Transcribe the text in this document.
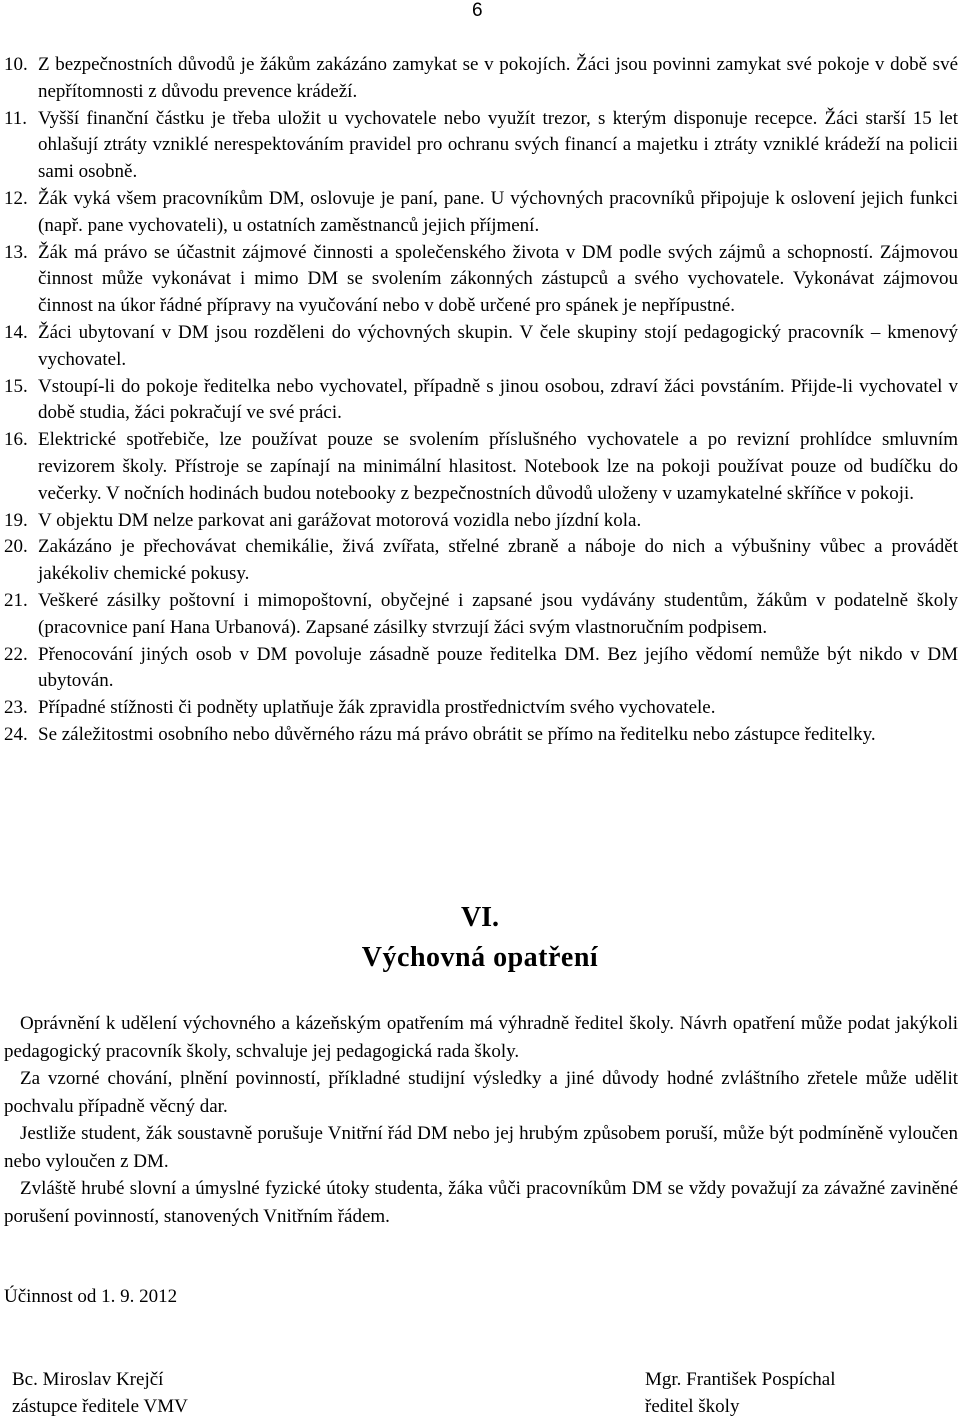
6
10. Z bezpečnostních důvodů je žákům zakázáno zamykat se v pokojích. Žáci jsou povinni zamykat své pokoje v době své nepřítomnosti z důvodu prevence krádeží.
11. Vyšší finanční částku je třeba uložit u vychovatele nebo využít trezor, s kterým disponuje recepce. Žáci starší 15 let ohlašují ztráty vzniklé nerespektováním pravidel pro ochranu svých financí a majetku i ztráty vzniklé krádeží na policii sami osobně.
12. Žák vyká všem pracovníkům DM, oslovuje je paní, pane. U výchovných pracovníků připojuje k oslovení jejich funkci (např. pane vychovateli), u ostatních zaměstnanců jejich příjmení.
13. Žák má právo se účastnit zájmové činnosti a společenského života v DM podle svých zájmů a schopností. Zájmovou činnost může vykonávat i mimo DM se svolením zákonných zástupců a svého vychovatele. Vykonávat zájmovou činnost na úkor řádné přípravy na vyučování nebo v době určené pro spánek je nepřípustné.
14. Žáci ubytovaní v DM jsou rozděleni do výchovných skupin. V čele skupiny stojí pedagogický pracovník – kmenový vychovatel.
15. Vstoupí-li do pokoje ředitelka nebo vychovatel, případně s jinou osobou, zdraví žáci povstáním. Přijde-li vychovatel v době studia, žáci pokračují ve své práci.
16. Elektrické spotřebiče, lze používat pouze se svolením příslušného vychovatele a po revizní prohlídce smluvním revizorem školy. Přístroje se zapínají na minimální hlasitost. Notebook lze na pokoji používat pouze od budíčku do večerky. V nočních hodinách budou notebooky z bezpečnostních důvodů uloženy v uzamykatelné skříňce v pokoji.
19. V objektu DM nelze parkovat ani garážovat motorová vozidla nebo jízdní kola.
20. Zakázáno je přechovávat chemikálie, živá zvířata, střelné zbraně a náboje do nich a výbušniny vůbec a provádět jakékoliv chemické pokusy.
21. Veškeré zásilky poštovní i mimopoštovní, obyčejné i zapsané jsou vydávány studentům, žákům v podatelně školy (pracovnice paní Hana Urbanová). Zapsané zásilky stvrzují žáci svým vlastnoručním podpisem.
22. Přenocování jiných osob v DM povoluje zásadně pouze ředitelka DM. Bez jejího vědomí nemůže být nikdo v DM ubytován.
23. Případné stížnosti či podněty uplatňuje žák zpravidla prostřednictvím svého vychovatele.
24. Se záležitostmi osobního nebo důvěrného rázu má právo obrátit se přímo na ředitelku nebo zástupce ředitelky.
VI.
Výchovná opatření

Oprávnění k udělení výchovného a kázeňským opatřením má výhradně ředitel školy. Návrh opatření může podat jakýkoli pedagogický pracovník školy, schvaluje jej pedagogická rada školy.

Za vzorné chování, plnění povinností, příkladné studijní výsledky a jiné důvody hodné zvláštního zřetele může udělit pochvalu případně věcný dar.

Jestliže student, žák soustavně porušuje Vnitřní řád DM nebo jej hrubým způsobem poruší, může být podmíněně vyloučen nebo vyloučen z DM.

Zvláště hrubé slovní a úmyslné fyzické útoky studenta, žáka vůči pracovníkům DM se vždy považují za závažné zaviněné porušení povinností, stanovených Vnitřním řádem.

Účinnost od 1. 9. 2012
Bc. Miroslav Krejčí
zástupce ředitele VMV
Mgr. František Pospíchal
ředitel školy
